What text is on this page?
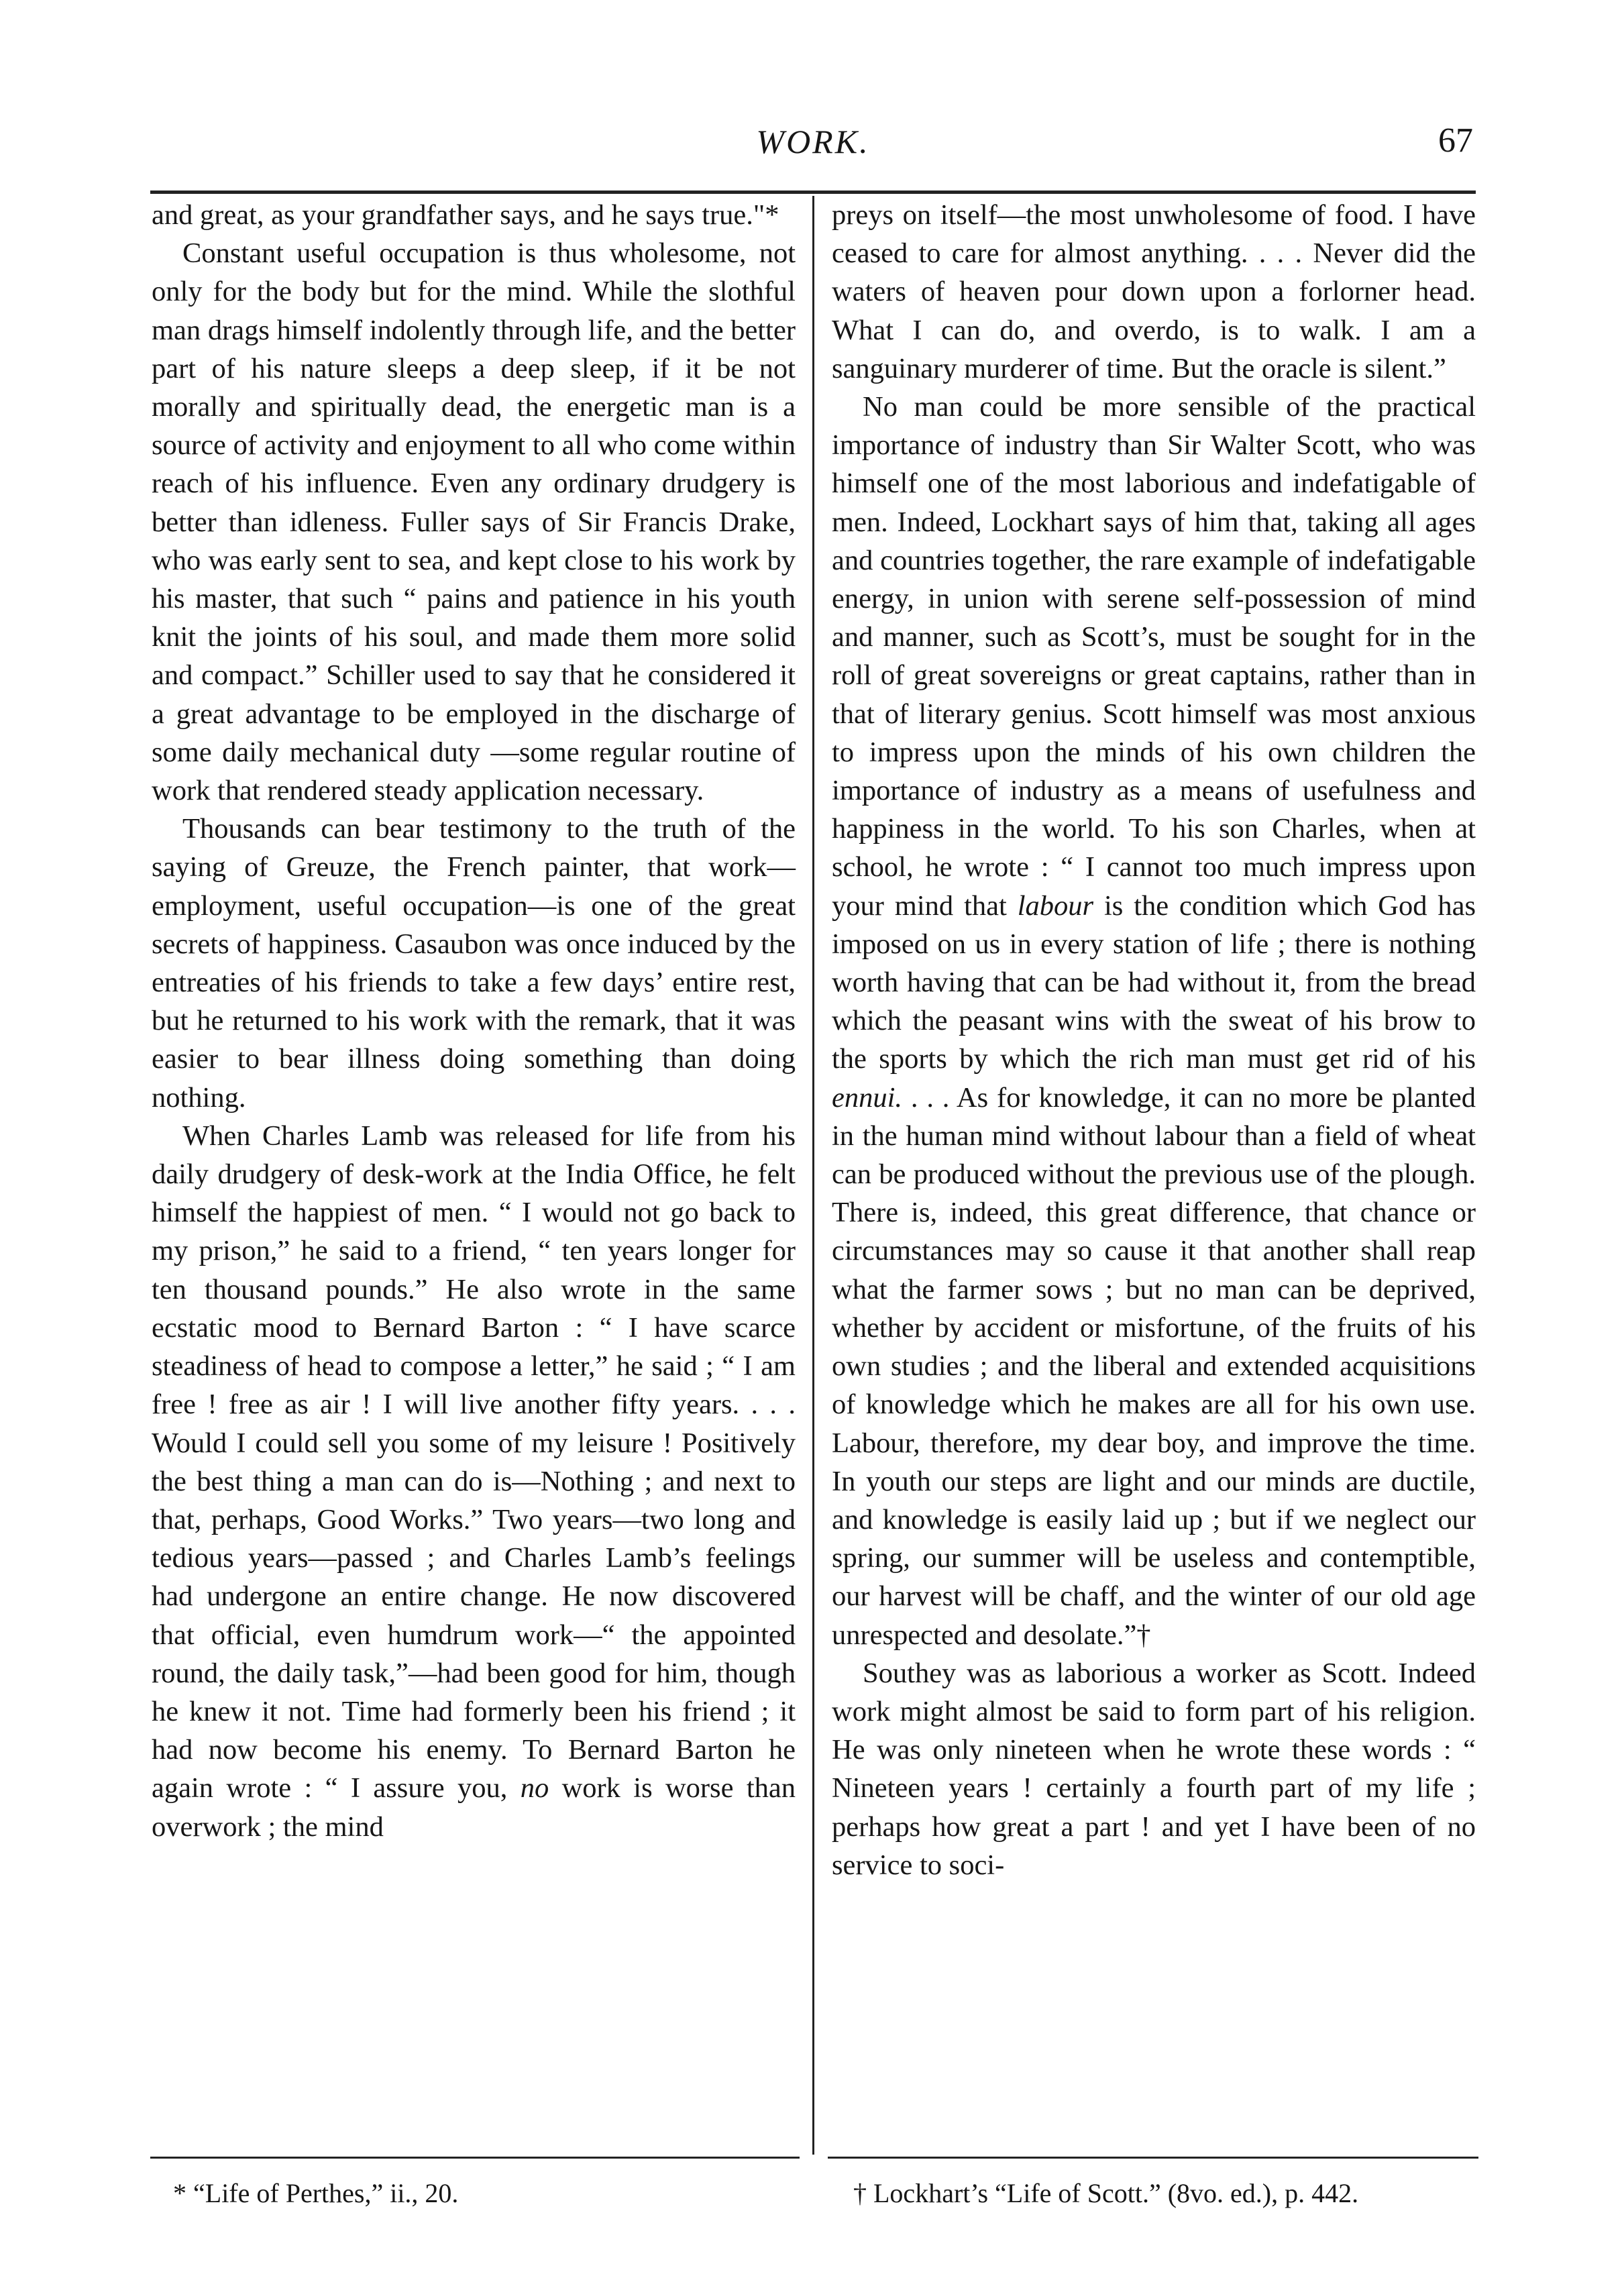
WORK.	67

and great, as your grandfather says, and he says true."*

Constant useful occupation is thus wholesome, not only for the body but for the mind. While the slothful man drags himself indolently through life, and the better part of his nature sleeps a deep sleep, if it be not morally and spiritually dead, the energetic man is a source of activity and enjoyment to all who come within reach of his influence. Even any ordinary drudgery is better than idleness. Fuller says of Sir Francis Drake, who was early sent to sea, and kept close to his work by his master, that such “ pains and patience in his youth knit the joints of his soul, and made them more solid and compact.” Schiller used to say that he considered it a great advantage to be employed in the discharge of some daily mechanical duty —some regular routine of work that rendered steady application necessary.

Thousands can bear testimony to the truth of the saying of Greuze, the French painter, that work—employment, useful occupation—is one of the great secrets of happiness. Casaubon was once induced by the entreaties of his friends to take a few days’ entire rest, but he returned to his work with the remark, that it was easier to bear illness doing something than doing nothing.

When Charles Lamb was released for life from his daily drudgery of desk-work at the India Office, he felt himself the happiest of men. “ I would not go back to my prison,” he said to a friend, “ ten years longer for ten thousand pounds.” He also wrote in the same ecstatic mood to Bernard Barton : “ I have scarce steadiness of head to compose a letter,” he said ; “ I am free ! free as air ! I will live another fifty years. . . . Would I could sell you some of my leisure ! Positively the best thing a man can do is—Nothing ; and next to that, perhaps, Good Works.” Two years—two long and tedious years—passed ; and Charles Lamb’s feelings had undergone an entire change. He now discovered that official, even humdrum work—“ the appointed round, the daily task,”—had been good for him, though he knew it not. Time had formerly been his friend ; it had now become his enemy. To Bernard Barton he again wrote : “ I assure you, no work is worse than overwork ; the mind

preys on itself—the most unwholesome of food. I have ceased to care for almost anything. . . . Never did the waters of heaven pour down upon a forlorner head. What I can do, and overdo, is to walk. I am a sanguinary murderer of time. But the oracle is silent.”

No man could be more sensible of the practical importance of industry than Sir Walter Scott, who was himself one of the most laborious and indefatigable of men. Indeed, Lockhart says of him that, taking all ages and countries together, the rare example of indefatigable energy, in union with serene self-possession of mind and manner, such as Scott’s, must be sought for in the roll of great sovereigns or great captains, rather than in that of literary genius. Scott himself was most anxious to impress upon the minds of his own children the importance of industry as a means of usefulness and happiness in the world. To his son Charles, when at school, he wrote : “ I cannot too much impress upon your mind that labour is the condition which God has imposed on us in every station of life ; there is nothing worth having that can be had without it, from the bread which the peasant wins with the sweat of his brow to the sports by which the rich man must get rid of his ennui. . . . As for knowledge, it can no more be planted in the human mind without labour than a field of wheat can be produced without the previous use of the plough. There is, indeed, this great difference, that chance or circumstances may so cause it that another shall reap what the farmer sows ; but no man can be deprived, whether by accident or misfortune, of the fruits of his own studies ; and the liberal and extended acquisitions of knowledge which he makes are all for his own use. Labour, therefore, my dear boy, and improve the time. In youth our steps are light and our minds are ductile, and knowledge is easily laid up ; but if we neglect our spring, our summer will be useless and contemptible, our harvest will be chaff, and the winter of our old age unrespected and desolate.”†

Southey was as laborious a worker as Scott. Indeed work might almost be said to form part of his religion. He was only nineteen when he wrote these words : “ Nineteen years ! certainly a fourth part of my life ; perhaps how great a part ! and yet I have been of no service to soci-

* “Life of Perthes,” ii., 20.	† Lockhart’s “Life of Scott.” (8vo. ed.), p. 442.
